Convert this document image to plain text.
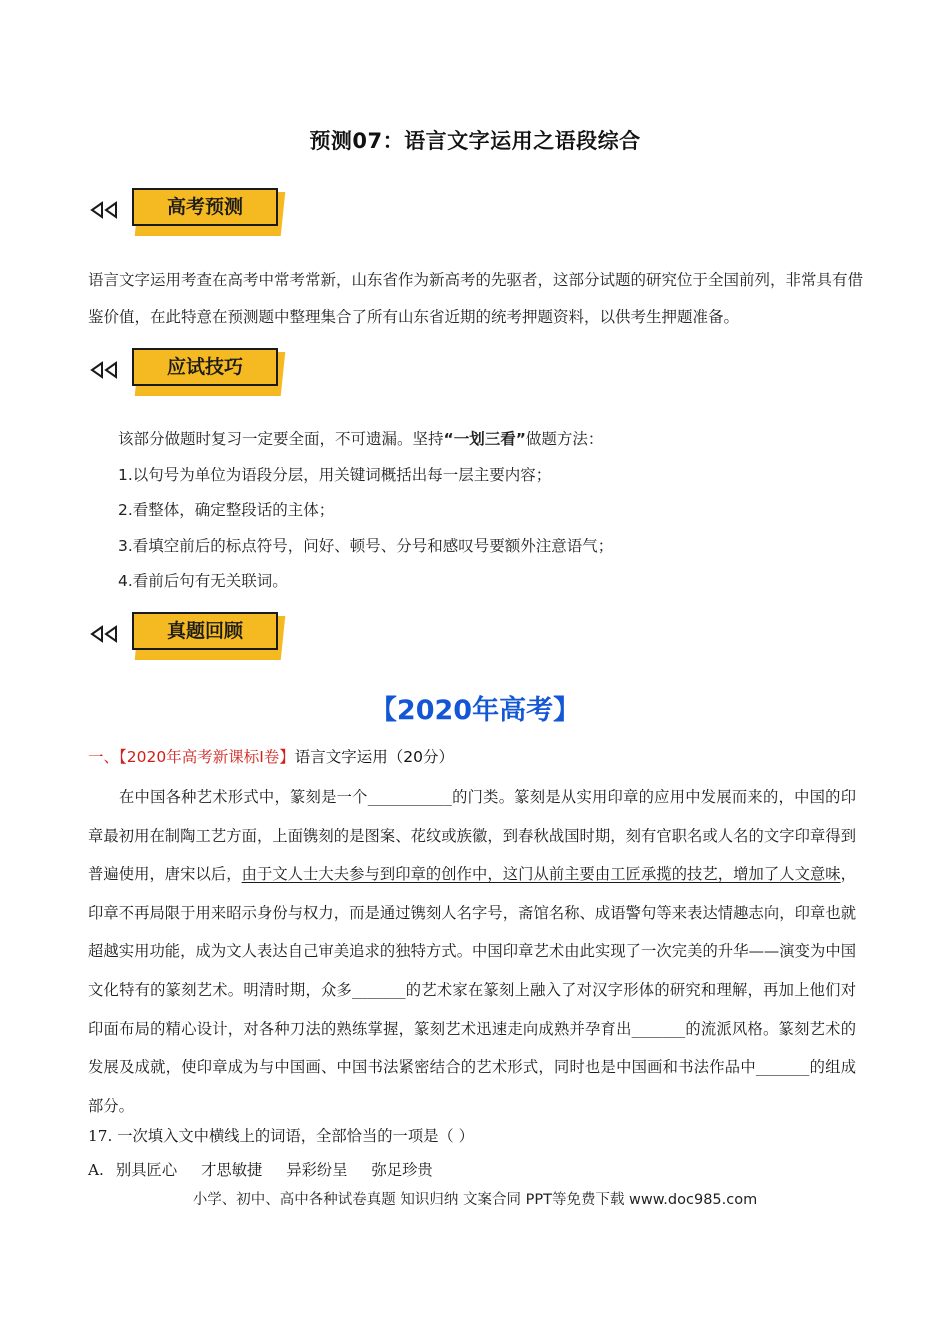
预测07：语言文字运用之语段综合
高考预测
语言文字运用考查在高考中常考常新，山东省作为新高考的先驱者，这部分试题的研究位于全国前列，非常具有借鉴价值，在此特意在预测题中整理集合了所有山东省近期的统考押题资料，以供考生押题准备。
应试技巧
该部分做题时复习一定要全面，不可遗漏。坚持“一划三看”做题方法：
1.以句号为单位为语段分层，用关键词概括出每一层主要内容；
2.看整体，确定整段话的主体；
3.看填空前后的标点符号，问好、顿号、分号和感叹号要额外注意语气；
4.看前后句有无关联词。
真题回顾
【2020年高考】
一、【2020年高考新课标Ⅰ卷】语言文字运用（20分）
在中国各种艺术形式中，篆刻是一个___________的门类。篆刻是从实用印章的应用中发展而来的，中国的印章最初用在制陶工艺方面，上面镌刻的是图案、花纹或族徽，到春秋战国时期，刻有官职名或人名的文字印章得到普遍使用，唐宋以后，由于文人士大夫参与到印章的创作中，这门从前主要由工匠承揽的技艺，增加了人文意味，印章不再局限于用来昭示身份与权力，而是通过镌刻人名字号，斋馆名称、成语警句等来表达情趣志向，印章也就超越实用功能，成为文人表达自己审美追求的独特方式。中国印章艺术由此实现了一次完美的升华——演变为中国文化特有的篆刻艺术。明清时期，众多_______的艺术家在篆刻上融入了对汉字形体的研究和理解，再加上他们对印面布局的精心设计，对各种刀法的熟练掌握，篆刻艺术迅速走向成熟并孕育出_______的流派风格。篆刻艺术的发展及成就，使印章成为与中国画、中国书法紧密结合的艺术形式，同时也是中国画和书法作品中_______的组成部分。
17. 一次填入文中横线上的词语，全部恰当的一项是（ ）
A. 别具匠心 才思敏捷 异彩纷呈 弥足珍贵
小学、初中、高中各种试卷真题 知识归纳 文案合同 PPT等免费下载 www.doc985.com
